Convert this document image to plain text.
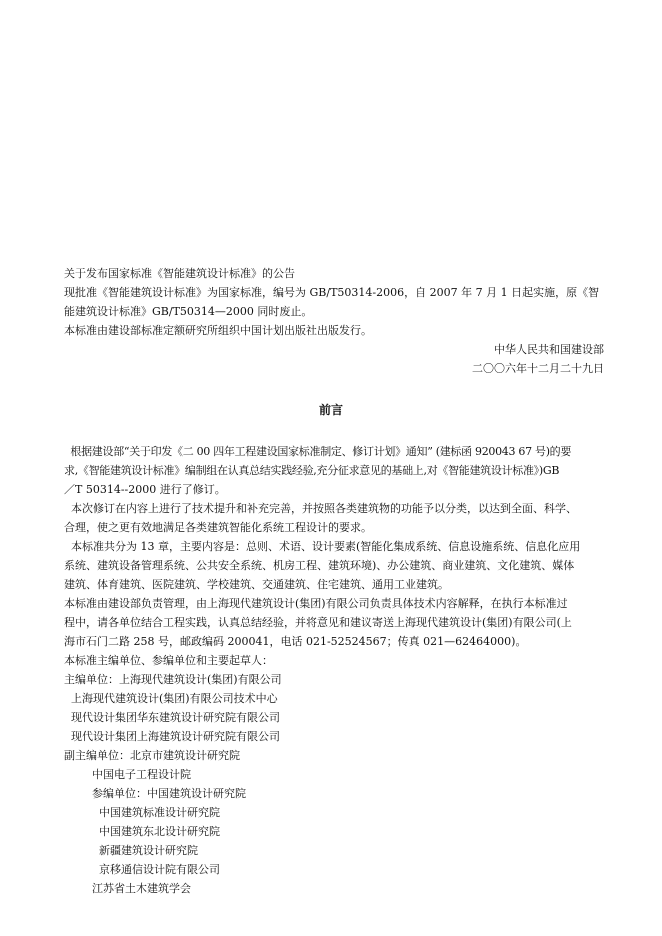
关于发布国家标准《智能建筑设计标准》的公告
现批准《智能建筑设计标准》为国家标准，编号为 GB/T50314-2006，自 2007 年 7 月 1 日起实施，原《智
能建筑设计标准》GB/T50314—2000 同时废止。
本标准由建设部标准定额研究所组织中国计划出版社出版发行。
中华人民共和国建设部
二〇〇六年十二月二十九日
前言
根据建设部“关于印发《二 00 四年工程建设国家标准制定、修订计划》通知” (建标函 920043 67 号)的要
求,《智能建筑设计标准》编制组在认真总结实践经验,充分征求意见的基础上,对《智能建筑设计标准》)GB
／T 50314--2000 进行了修订。
本次修订在内容上进行了技术提升和补充完善，并按照各类建筑物的功能予以分类，以达到全面、科学、
合理，使之更有效地满足各类建筑智能化系统工程设计的要求。
本标准共分为 13 章，主要内容是：总则、术语、设计要素(智能化集成系统、信息设施系统、信息化应用
系统、建筑设备管理系统、公共安全系统、机房工程、建筑环境)、办公建筑、商业建筑、文化建筑、媒体
建筑、体育建筑、医院建筑、学校建筑、交通建筑、住宅建筑、通用工业建筑。
本标准由建设部负责管理，由上海现代建筑设计(集团)有限公司负责具体技术内容解释，在执行本标准过
程中，请各单位结合工程实践，认真总结经验，并将意见和建议寄送上海现代建筑设计(集团)有限公司(上
海市石门二路 258 号，邮政编码 200041，电话 021-52524567；传真 021—62464000)。
本标准主编单位、参编单位和主要起草人：
主编单位：上海现代建筑设计(集团)有限公司
上海现代建筑设计(集团)有限公司技术中心
现代设计集团华东建筑设计研究院有限公司
现代设计集团上海建筑设计研究院有限公司
副主编单位：北京市建筑设计研究院
中国电子工程设计院
参编单位：中国建筑设计研究院
中国建筑标准设计研究院
中国建筑东北设计研究院
新疆建筑设计研究院
京移通信设计院有限公司
江苏省土木建筑学会
